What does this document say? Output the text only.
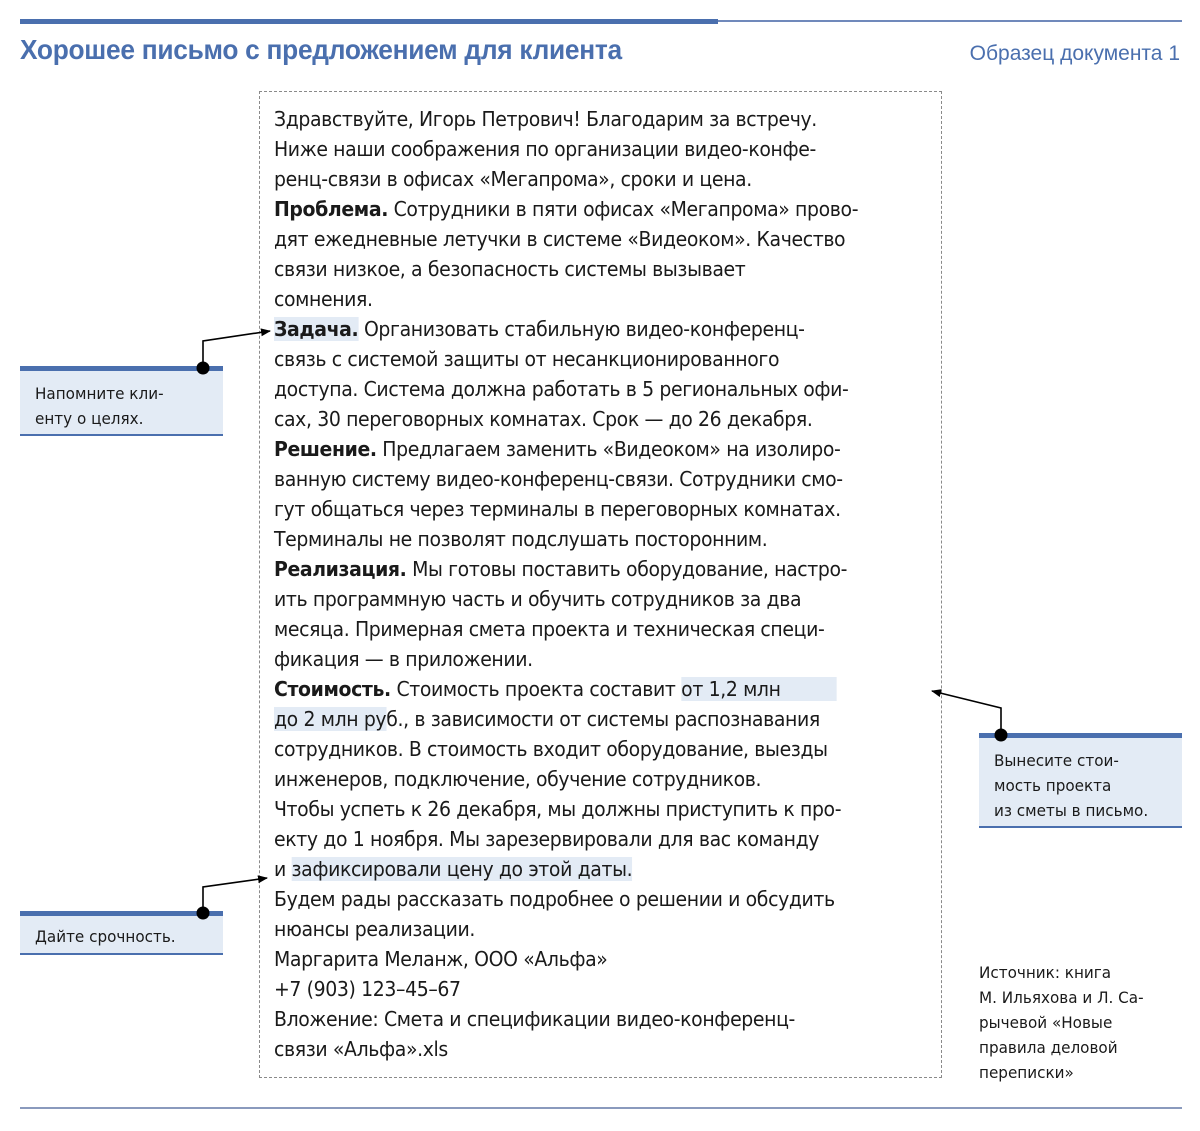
Хорошее письмо с предложением для клиента	Образец документа 1
Здравствуйте, Игорь Петрович! Благодарим за встречу.
Ниже наши соображения по организации видео-конфе-
ренц-связи в офисах «Мегапрома», сроки и цена.
Проблема. Сотрудники в пяти офисах «Мегапрома» прово-
дят ежедневные летучки в системе «Видеоком». Качество
связи низкое, а безопасность системы вызывает
сомнения.
Задача. Организовать стабильную видео-конференц-
связь с системой защиты от несанкционированного
доступа. Система должна работать в 5 региональных офи-
сах, 30 переговорных комнатах. Срок — до 26 декабря.
Решение. Предлагаем заменить «Видеоком» на изолиро-
ванную систему видео-конференц-связи. Сотрудники смо-
гут общаться через терминалы в переговорных комнатах.
Терминалы не позволят подслушать посторонним.
Реализация. Мы готовы поставить оборудование, настро-
ить программную часть и обучить сотрудников за два
месяца. Примерная смета проекта и техническая специ-
фикация — в приложении.
Стоимость. Стоимость проекта составит от 1,2 млн
до 2 млн руб., в зависимости от системы распознавания
сотрудников. В стоимость входит оборудование, выезды
инженеров, подключение, обучение сотрудников.
Чтобы успеть к 26 декабря, мы должны приступить к про-
екту до 1 ноября. Мы зарезервировали для вас команду
и зафиксировали цену до этой даты.
Будем рады рассказать подробнее о решении и обсудить
нюансы реализации.
Маргарита Меланж, ООО «Альфа»
+7 (903) 123–45–67
Вложение: Смета и спецификации видео-конференц-
связи «Альфа».xls
Напомните кли-
енту о целях.
Вынесите стои-
мость проекта
из сметы в письмо.
Дайте срочность.
Источник: книга
М. Ильяхова и Л. Са-
рычевой «Новые
правила деловой
переписки»
